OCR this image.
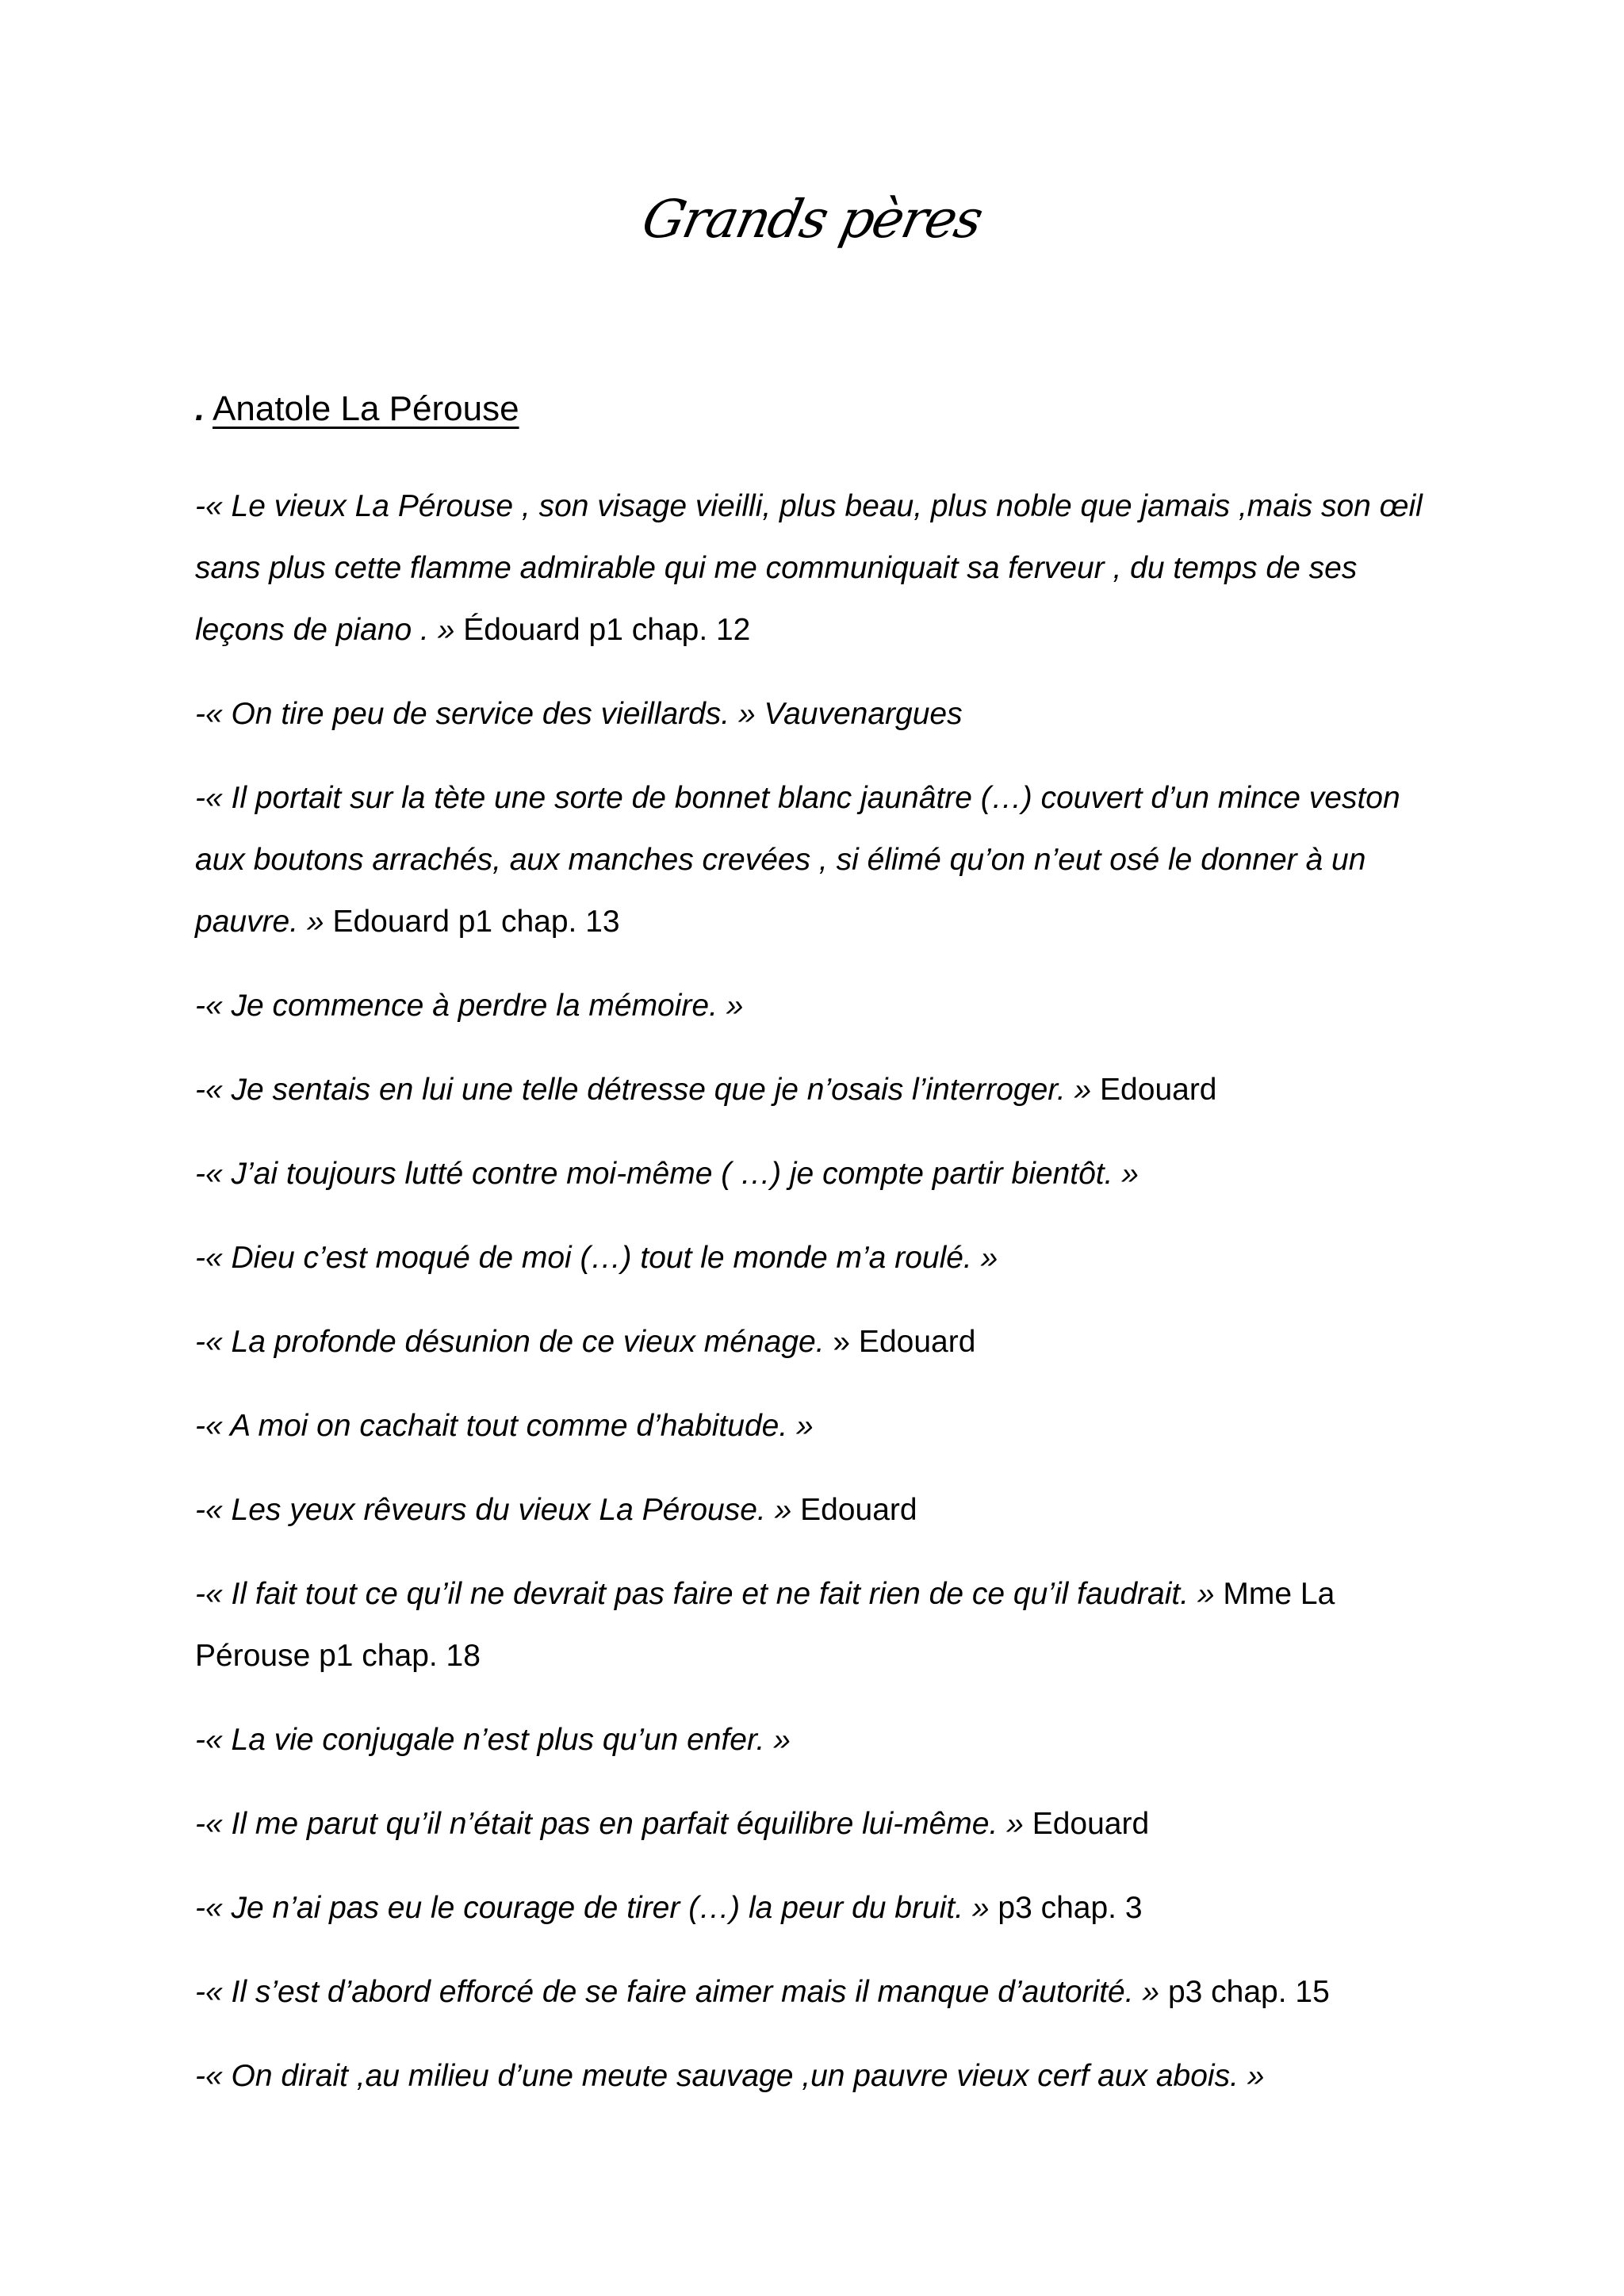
Grands pères
. Anatole La Pérouse

-« Le vieux La Pérouse , son visage vieilli, plus beau, plus noble que jamais ,mais son œil sans plus cette flamme admirable qui me communiquait sa ferveur , du temps de ses leçons de piano . » Édouard p1 chap. 12

-« On tire peu de service des vieillards. » Vauvenargues

-« Il portait sur la tète une sorte de bonnet blanc jaunâtre (…) couvert d’un mince veston aux boutons arrachés, aux manches crevées , si élimé qu’on n’eut osé le donner à un pauvre. » Edouard p1 chap. 13

-« Je commence à perdre la mémoire. »

-« Je sentais en lui une telle détresse que je n’osais l’interroger. » Edouard

-« J’ai toujours lutté contre moi-même ( …) je compte partir bientôt. »

-« Dieu c’est moqué de moi (…) tout le monde m’a roulé. »

-« La profonde désunion de ce vieux ménage. » Edouard

-« A moi on cachait tout comme d’habitude. »

-« Les yeux rêveurs du vieux La Pérouse. » Edouard

-« Il fait tout ce qu’il ne devrait pas faire et ne fait rien de ce qu’il faudrait. » Mme La Pérouse p1 chap. 18

-« La vie conjugale n’est plus qu’un enfer. »

-« Il me parut qu’il n’était pas en parfait équilibre lui-même. » Edouard

-« Je n’ai pas eu le courage de tirer (…) la peur du bruit. » p3 chap. 3

-« Il s’est d’abord efforcé de se faire aimer mais il manque d’autorité. » p3 chap. 15

-« On dirait ,au milieu d’une meute sauvage ,un pauvre vieux cerf aux abois. »
